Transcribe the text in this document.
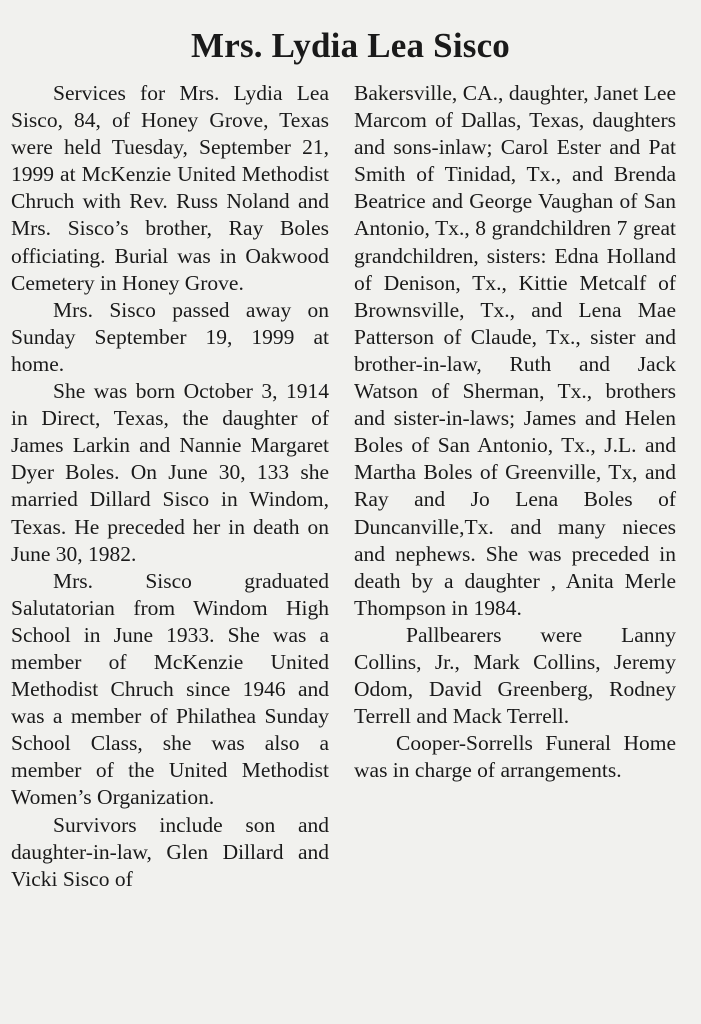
Mrs. Lydia Lea Sisco

Services for Mrs. Lydia Lea Sisco, 84, of Honey Grove, Texas were held Tuesday, September 21, 1999 at McKenzie United Methodist Chruch with Rev. Russ Noland and Mrs. Sisco’s brother, Ray Boles officiating. Burial was in Oakwood Cemetery in Honey Grove.

Mrs. Sisco passed away on Sunday September 19, 1999 at home.

She was born October 3, 1914 in Direct, Texas, the daughter of James Larkin and Nannie Margaret Dyer Boles. On June 30, 133 she married Dillard Sisco in Windom, Texas. He preceded her in death on June 30, 1982.

Mrs. Sisco graduated Salutatorian from Windom High School in June 1933. She was a member of McKenzie United Methodist Chruch since 1946 and was a member of Philathea Sunday School Class, she was also a member of the United Methodist Women’s Organization.

Survivors include son and daughter-in-law, Glen Dillard and Vicki Sisco of

Bakersville, CA., daughter, Janet Lee Marcom of Dallas, Texas, daughters and sons-inlaw; Carol Ester and Pat Smith of Tinidad, Tx., and Brenda Beatrice and George Vaughan of San Antonio, Tx., 8 grandchildren 7 great grandchildren, sisters: Edna Holland of Denison, Tx., Kittie Metcalf of Brownsville, Tx., and Lena Mae Patterson of Claude, Tx., sister and brother-in-law, Ruth and Jack Watson of Sherman, Tx., brothers and sister-in-laws; James and Helen Boles of San Antonio, Tx., J.L. and Martha Boles of Greenville, Tx, and Ray and Jo Lena Boles of Duncanville,Tx. and many nieces and nephews. She was preceded in death by a daughter , Anita Merle Thompson in 1984.

Pallbearers were Lanny Collins, Jr., Mark Collins, Jeremy Odom, David Greenberg, Rodney Terrell and Mack Terrell.

Cooper-Sorrells Funeral Home was in charge of arrangements.
